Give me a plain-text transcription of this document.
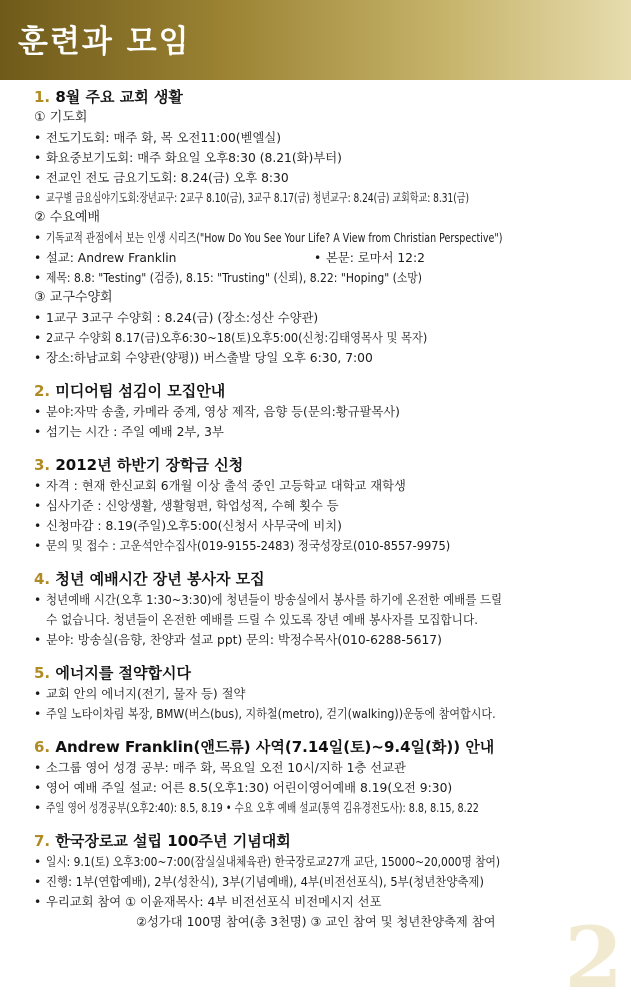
훈련과 모임

1. 8월 주요 교회 생활

① 기도회

• 전도기도회: 매주 화, 목 오전11:00(벧엘실)

• 화요중보기도회: 매주 화요일 오후8:30 (8.21(화)부터)

• 전교인 전도 금요기도회: 8.24(금) 오후 8:30

• 교구별 금요심야기도회:장년교구: 2교구 8.10(금), 3교구 8.17(금) 청년교구: 8.24(금) 교회학교: 8.31(금)

② 수요예배

• 기독교적 관점에서 보는 인생 시리즈("How Do You See Your Life? A View from Christian Perspective")

• 설교: Andrew Franklin

•	본문: 로마서 12:2

• 제목: 8.8: "Testing" (검증), 8.15: "Trusting" (신뢰), 8.22: "Hoping" (소망)

③ 교구수양회

• 1교구 3교구 수양회 : 8.24(금) (장소:성산 수양관)

• 2교구 수양회 8.17(금)오후6:30~18(토)오후5:00(신청:김태영목사 및 목자)

• 장소:하남교회 수양관(양평)) 버스출발 당일 오후 6:30, 7:00

2. 미디어팀 섬김이 모집안내

• 분야:자막 송출, 카메라 중계, 영상 제작, 음향 등(문의:황규팔목사)

• 섬기는 시간 : 주일 예배 2부, 3부

3. 2012년 하반기 장학금 신청

• 자격 : 현재 한신교회 6개월 이상 출석 중인 고등학교 대학교 재학생

• 심사기준 : 신앙생활, 생활형편, 학업성적, 수혜 횟수 등

• 신청마감 : 8.19(주일)오후5:00(신청서 사무국에 비치)

• 문의 및 접수 : 고운석안수집사(019-9155-2483) 정국성장로(010-8557-9975)

4. 청년 예배시간 장년 봉사자 모집

• 청년예배 시간(오후 1:30~3:30)에 청년들이 방송실에서 봉사를 하기에 온전한 예배를 드릴

수 없습니다. 청년들이 온전한 예배를 드릴 수 있도록 장년 예배 봉사자를 모집합니다.

• 분야: 방송실(음향, 찬양과 설교 ppt) 문의: 박정수목사(010-6288-5617)

5. 에너지를 절약합시다

• 교회 안의 에너지(전기, 물자 등) 절약

• 주일 노타이차림 복장, BMW(버스(bus), 지하철(metro), 걷기(walking))운동에 참여합시다.

6. Andrew Franklin(앤드류) 사역(7.14일(토)~9.4일(화)) 안내

• 소그룹 영어 성경 공부: 매주 화, 목요일 오전 10시/지하 1층 선교관

• 영어 예배 주일 설교: 어른 8.5(오후1:30) 어린이영어예배 8.19(오전 9:30)

• 주일 영어 성경공부(오후2:40): 8.5, 8.19 • 수요 오후 예배 설교(통역 김유경전도사): 8.8, 8.15, 8.22

7. 한국장로교 설립 100주년 기념대회

• 일시: 9.1(토) 오후3:00~7:00(잠실실내체육관) 한국장로교27개 교단, 15000~20,000명 참여)

• 진행: 1부(연합예배), 2부(성찬식), 3부(기념예배), 4부(비전선포식), 5부(청년찬양축제)

• 우리교회 참여 ① 이윤재목사: 4부 비전선포식 비전메시지 선포

②성가대 100명 참여(총 3천명) ③ 교인 참여 및 청년찬양축제 참여 2
